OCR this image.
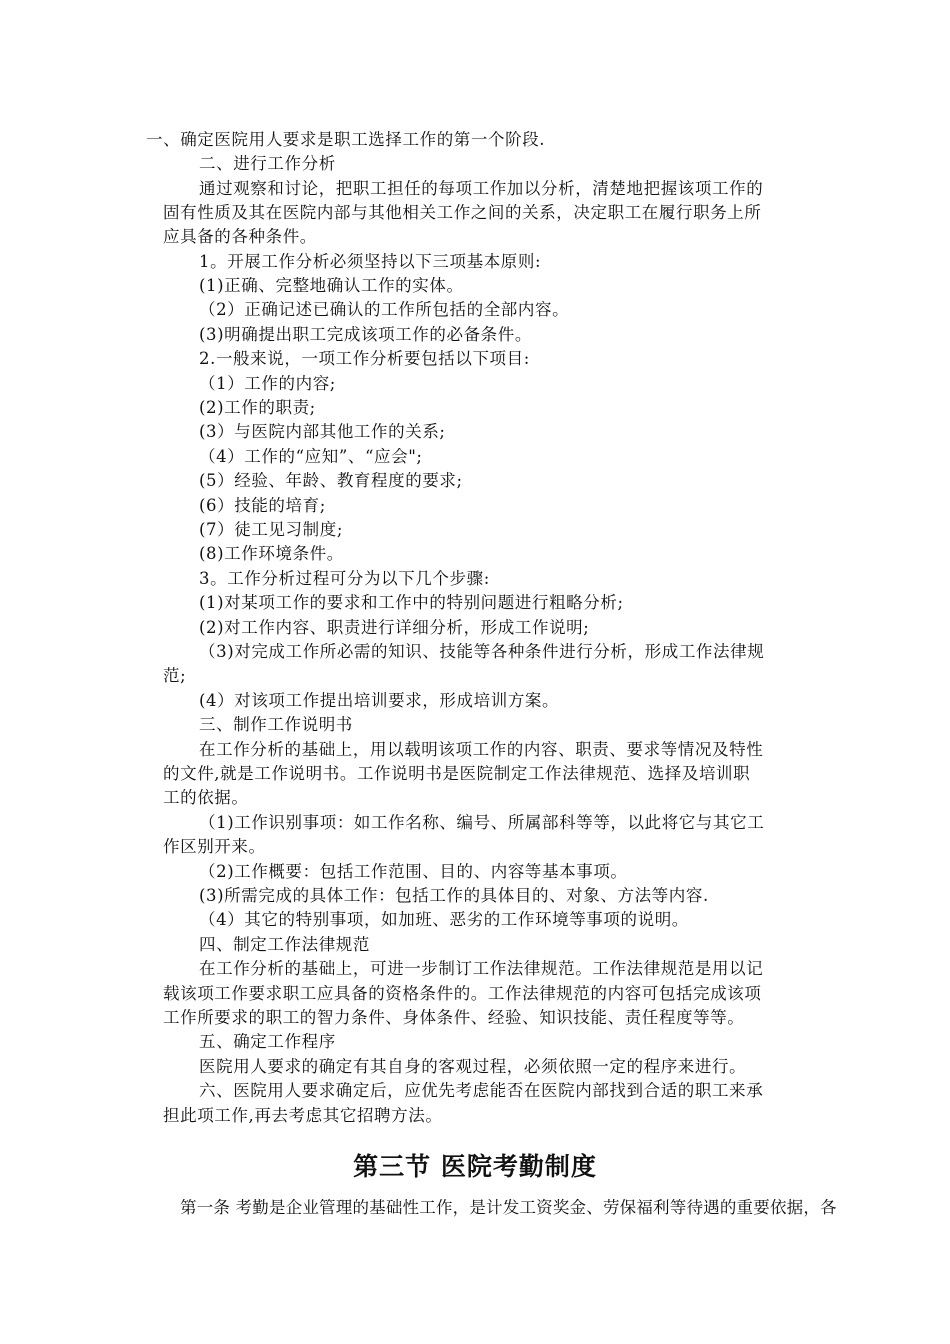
一、确定医院用人要求是职工选择工作的第一个阶段.
二、进行工作分析
通过观察和讨论，把职工担任的每项工作加以分析，清楚地把握该项工作的
固有性质及其在医院内部与其他相关工作之间的关系，决定职工在履行职务上所
应具备的各种条件。
1。开展工作分析必须坚持以下三项基本原则:
(1)正确、完整地确认工作的实体。
（2）正确记述已确认的工作所包括的全部内容。
(3)明确提出职工完成该项工作的必备条件。
2.一般来说，一项工作分析要包括以下项目:
（1）工作的内容;
(2)工作的职责;
(3）与医院内部其他工作的关系;
（4）工作的“应知”、“应会";
(5）经验、年龄、教育程度的要求;
(6）技能的培育;
(7）徒工见习制度;
(8)工作环境条件。
3。工作分析过程可分为以下几个步骤:
(1)对某项工作的要求和工作中的特别问题进行粗略分析;
(2)对工作内容、职责进行详细分析，形成工作说明;
（3)对完成工作所必需的知识、技能等各种条件进行分析，形成工作法律规
范;
(4）对该项工作提出培训要求，形成培训方案。
三、制作工作说明书
在工作分析的基础上，用以载明该项工作的内容、职责、要求等情况及特性
的文件,就是工作说明书。工作说明书是医院制定工作法律规范、选择及培训职
工的依据。
（1)工作识别事项：如工作名称、编号、所属部科等等，以此将它与其它工
作区别开来。
（2)工作概要：包括工作范围、目的、内容等基本事项。
(3)所需完成的具体工作：包括工作的具体目的、对象、方法等内容.
（4）其它的特别事项，如加班、恶劣的工作环境等事项的说明。
四、制定工作法律规范
在工作分析的基础上，可进一步制订工作法律规范。工作法律规范是用以记
载该项工作要求职工应具备的资格条件的。工作法律规范的内容可包括完成该项
工作所要求的职工的智力条件、身体条件、经验、知识技能、责任程度等等。
五、确定工作程序
医院用人要求的确定有其自身的客观过程，必须依照一定的程序来进行。
六、医院用人要求确定后，应优先考虑能否在医院内部找到合适的职工来承
担此项工作,再去考虑其它招聘方法。
第三节 医院考勤制度
第一条 考勤是企业管理的基础性工作，是计发工资奖金、劳保福利等待遇的重要依据，各
